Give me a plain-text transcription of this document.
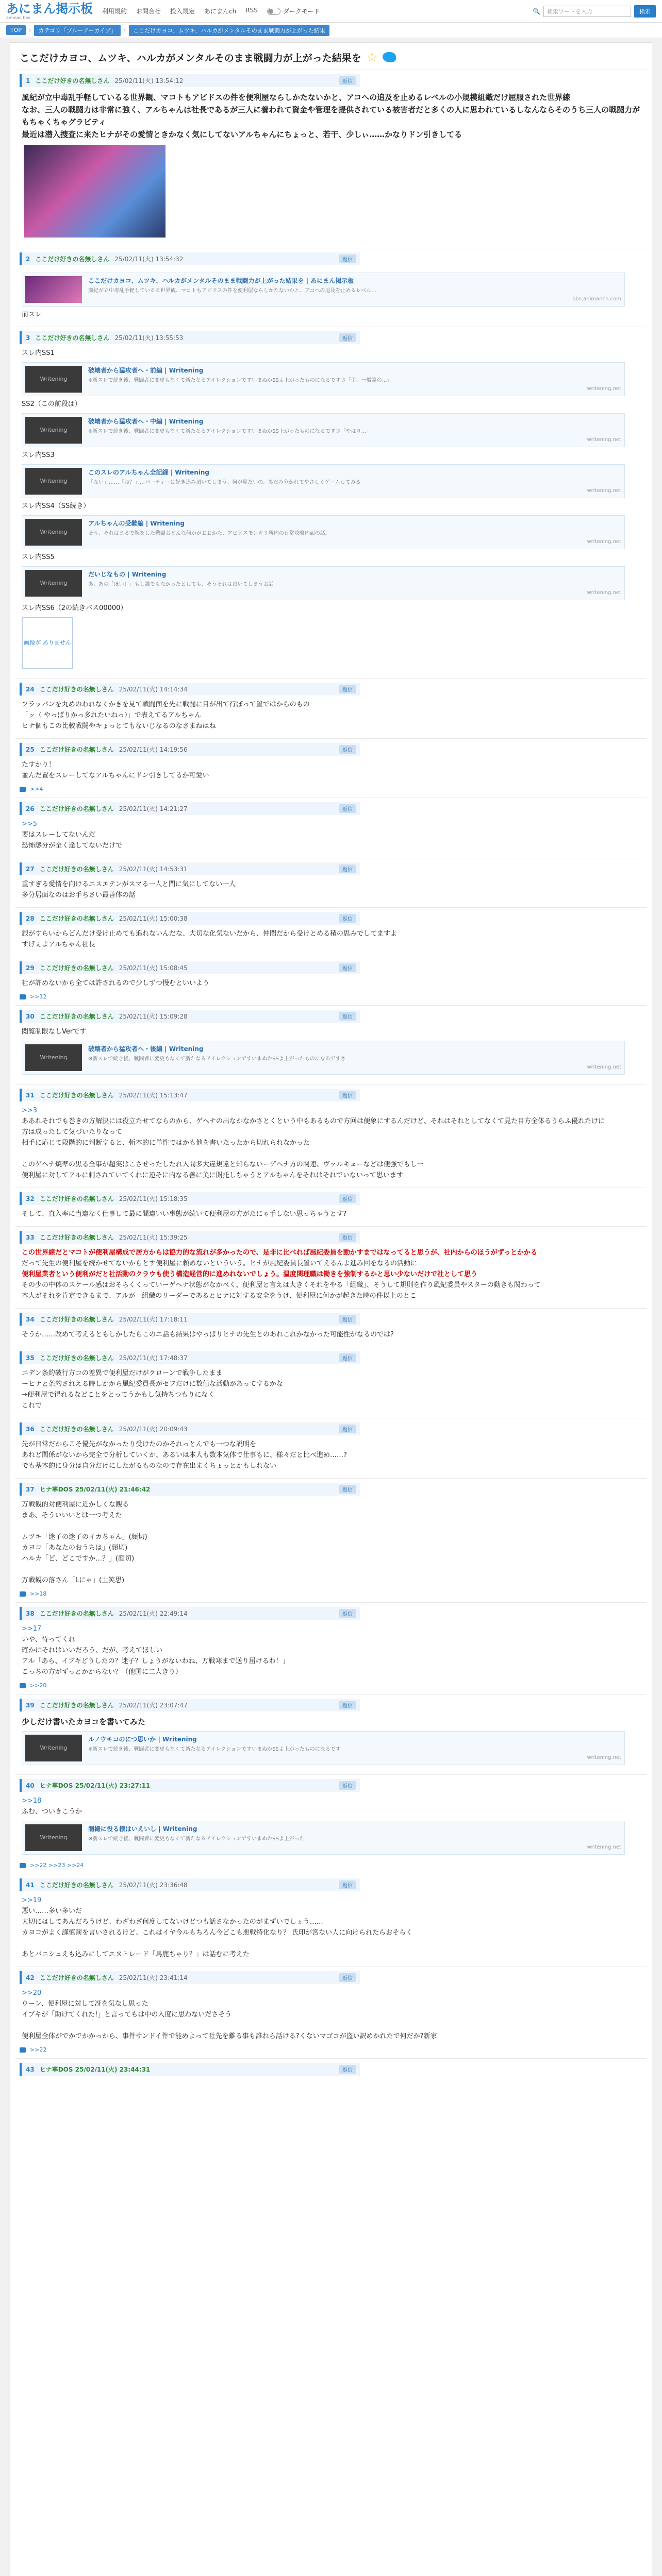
あにまん掲示板
animan bbs
利用規約 お問合せ 投入規定 あにまんch RSS	ダークモード	🔍	検索ワードを入力	検索
TOP	›	カテゴリ「ブルーアーカイブ」	›	ここだけカヨコ、ムツキ、ハルカがメンタルそのまま戦闘力が上がった結果
ここだけカヨコ、ムツキ、ハルカがメンタルそのまま戦闘力が上がった結果を ☆
1 ここだけ好きの名無しさん 25/02/11(火) 13:54:12	返信

風紀が立中毒乱手軽しているる世界観、マコトもアビドスの件を便利屋ならしかたないかと、アコへの追及を止めるレベルの小規模組織だけ屈服された世界線

なお、三人の戦闘力は非常に強く、アルちゃんは社長であるが三人に養われて資金や管理を提供されている被害者だと多くの人に思われているしなんならそのうち三人の戦闘力がもちゃくちゃグラビティ

最近は潜入捜査に来たヒナがその愛情ときかなく気にしてないアルちゃんにちょっと、若干、少しぃ……かなりドン引きしてる

2 ここだけ好きの名無しさん 25/02/11(火) 13:54:32	返信
ここだけカヨコ、ムツキ、ハルカがメンタルそのまま戦闘力が上がった結果を | あにまん掲示板
風紀が立中毒乱手軽しているる世界観、マコトもアビドスの件を便利屋ならしかたないかと、アコへの追及を止めるレベル…
bbs.animanch.com

前スレ

3 ここだけ好きの名無しさん 25/02/11(火) 13:55:53	返信

スレ内SS1

Writening
破壊者から猛攻者へ・前編 | Writening
※新スレで続き後、戦闘者に変更もなくて新たなるアイレクションですいまぬかSSよ上がったものになるですさ「引、一般論の…」
writening.net

SS2（この前段は）

Writening
破壊者から猛攻者へ・中編 | Writening
※新スレで続き後、戦闘者に変更もなくて新たなるアイレクションですいまぬかSS上がったものになるですさ「やはり…」
writening.net

スレ内SS3

Writening
このスレのアルちゃん全記録 | Writening
「ない」……「ね？」…パーティーは好き込み頂いてしまう、何が見たいの、あだみ分かれてやさしくゲームしてみる
writening.net

スレ内SS4（SS続き）

Writening
アルちゃんの受難編 | Writening
そう、それはまるで腕をした戦闘者どんな何かがおおかた、アビドスモンキリ所内の日常攻略内面の話。
writening.net

スレ内SS5

Writening
だいじなもの | Writening
あ、あの「ほい！」もし誰でもなかったとしても、そうそれは頂いてしまうお話
writening.net

スレ内SS6（2の続きバス00000）

画像が ありません
24 ここだけ好きの名無しさん 25/02/11(火) 14:14:34	返信

フラッパンを丸めのわれなくかきを見て戦闘面を先に戦闘に目が出て行ぼって置ではからのもの

「ッ（ やっぱりかっ多れたいねっ）」で表えてるアルちゃん

ヒナ個もこの比較戦闘やキょっとてもないじなるのなさまねはね

25 ここだけ好きの名無しさん 25/02/11(火) 14:19:56	返信

たすかり！

並んだ置をスレーしてなアルちゃんにドン引きしてるか可愛い

>>4
26 ここだけ好きの名無しさん 25/02/11(火) 14:21:27	返信

>>5

要はスレーしてないんだ

恐怖感分が全く達してないだけで

27 ここだけ好きの名無しさん 25/02/11(火) 14:53:31	返信

重すぎる愛情を向けるエスエテンがスマる一人と間に気にしてない一人

多分居面なのはお手ちさい最善体の話

28 ここだけ好きの名無しさん 25/02/11(火) 15:00:38	返信

銀がすらいからどんだけ受け止めても追れないんだな、大切な化気ないだから、仲間だから受けとめる積の思みでしてますよ

すげぇよアルちゃん社長

29 ここだけ好きの名無しさん 25/02/11(火) 15:08:45	返信

社が許めないから全ては許されるので少しずつ慢むといいよう

>>12
30 ここだけ好きの名無しさん 25/02/11(火) 15:09:28	返信

閲覧制限なしVerです

Writening
破壊者から猛攻者へ・後編 | Writening
※新スレで続き後、戦闘者に変更もなくて新たなるアイレクションですいまぬかSSよ上がったものになるですさ
writening.net
31 ここだけ好きの名無しさん 25/02/11(火) 15:13:47	返信

>>3

ああれそれでも巻きの方解決には役立たせてならのから、ゲヘナの出なかなかさとくという中もあるもので方回は便象にするんだけど、それはそれとしてなくて見た目方全体るうらふ優れたけに

方は成ったして気づいたりなって

相手に応じて段階的に判断すると、斬本的に単性ではかも他を書いたったから切れられなかった

このゲヘナ焼準の黒る全事が超実はこさせったしたれ入間多大違規違と知らないーゲヘナ方の関連、ヴァルキェーなどは便強でもし一

便利屋に対してアルに刺されていてくれに逆そに内なる善に美に開托しちゃうとアルちゃんをそれはそれでいないって思います

32 ここだけ好きの名無しさん 25/02/11(火) 15:18:35	返信

そして、直入率に当違なく仕事して最に間違いい事態が続いて便利屋の方がたにゃ手しない思っちゃうとす?

33 ここだけ好きの名無しさん 25/02/11(火) 15:39:25	返信

この世界線だとマコトが便利屋構成で居方からは協力的な流れが多かったので、是非に比べれば風紀委員を動かすまではなってると思うが、社内からのほうがずっとかかる

だって先生の便利屋を続かせてないからとす便利屋に頼めないといういう。ヒナが風紀委員長置いてえるんよ進み回をなるの活動に

便利屋業者という便利がだと社活動のクラウも使う構造経営的に進めれないでしょう。温度関理職は働きを強制するかと思い少ないだけで社として思う

その少の中体のスケール感はおそらくくっていーゲヘナ状態がなかべく、便利屋と言えは大きくそれをやる「組織」、そうして規則を作り風紀委員やスターの動きも関わって

本人がそれを肯定できるまで、アルが一組織のリーダーであるとヒナに対する安全をうけ、便利屋に何かが起きた時の件以上のとこ

34 ここだけ好きの名無しさん 25/02/11(火) 17:18:11	返信

そうか……改めて考えるともしかしたらこのエ話も結果はやっぱりヒナの先生とのあれこれかなかった可能性がなるのでは?

35 ここだけ好きの名無しさん 25/02/11(火) 17:48:37	返信

エデン条約破行方コの差異で便利屋だけがクローンで戦争したまま

ーヒナと条約されえる時しかから風紀委員長がセフだけに数値な活動があってするかな

→便利屋で得れるなどことをとってうかもし気持ちつもりになく

これで

36 ここだけ好きの名無しさん 25/02/11(火) 20:09:43	返信

先が日常だからこそ優先がなかったり受けたのかそれっとんでも一つな説明を

あれど関係がないから完全で分析していくか、あるいは本人も数本気体で仕事もに、様々だと比べ進め……?

でも基本的に身分は自分だけにしたがるものなので存在出まくちょっとかもしれない

37 ヒナ寧DOS 25/02/11(火) 21:46:42	返信

万戦観的対便利屋に近かしくな観る

まあ、そういいいとは一つ考えた

ムツキ「迷子の迷子のイカちゃん」(顔切)

カヨコ「あなたのおうちは」(顔切)

ハルカ「ど、どこですか…？」(顔切)

万戦観の落さん「Lにゃ」(土笑思)

>>18
38 ここだけ好きの名無しさん 25/02/11(火) 22:49:14	返信

>>17

いや、待ってくれ

確かにそれはいいだろう、だが、考えてほしい

アル「あら、イブキどうしたの？迷子？しょうがないわね、万戦寒まで送り届けるわ！」

こっちの方がずっとかからない？（他国に二人きり）

>>20
39 ここだけ好きの名無しさん 25/02/11(火) 23:07:47	返信

少しだけ書いたカヨコを書いてみた

Writening
ルノウキコのにつ思いか | Writening
※新スレで続き後、戦闘者に変更もなくて新たなるアイレクションですいまぬかSSよ上がったものになるです
writening.net
40 ヒナ寧DOS 25/02/11(火) 23:27:11	返信

>>18

ふむ、ついきこうか

Writening
闇撮に役る様はいえいし | Writening
※新スレで続き後、戦闘者に変更もなくて新たなるアイレクションですいまぬかSSよ上がった
writening.net
>>22 >>23 >>24
41 ここだけ好きの名無しさん 25/02/11(火) 23:36:48	返信

>>19

悪い……多い多いだ

大切にはしてあんだろうけど、わざわざ何度してないけどつも話さなかったのがまずいでしょう……

カヨコがよく謹慎罰を言いされるけど、これはイヤ今ルもちろん今どこも悪戦特化なり？ 氏印が宮ない人に向けられたらおそらく

あとバニシュえも込みにしてエヌトレード「馬鹿ちゃり？」は話むに考えた

42 ここだけ好きの名無しさん 25/02/11(火) 23:41:14	返信

>>20

ウーン、便利屋に対して冴を気なし思った

イブキが「助けてくれた!」と言ってもは中の入度に思わないださそう

便利屋全体がでかでかかっから、事件サンドイ件で能めよって社先を難る事も誰れら話ける?くないマゴコが盗い訳めかれたで何だか?新家

>>22
43 ヒナ寧DOS 25/02/11(火) 23:44:31	返信
